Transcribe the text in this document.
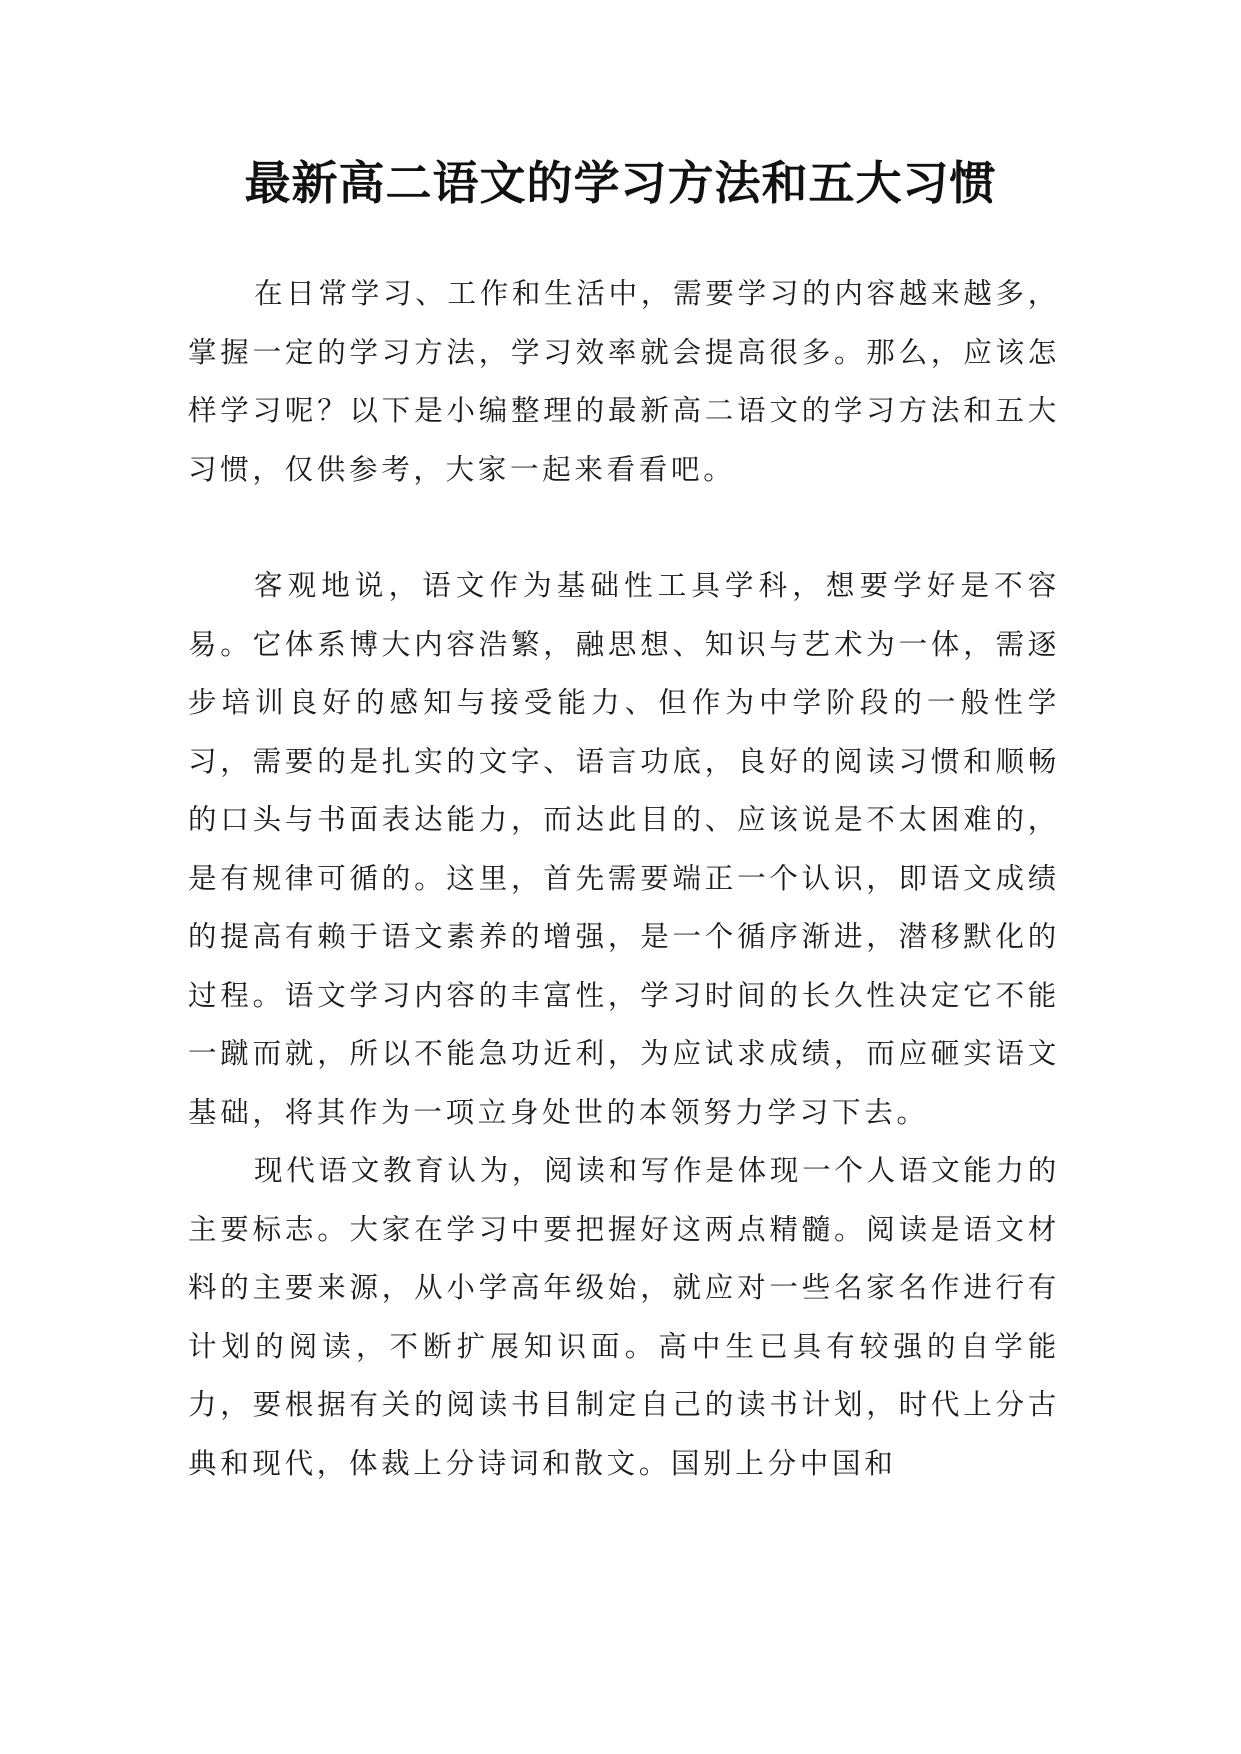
最新高二语文的学习方法和五大习惯

在日常学习、工作和生活中，需要学习的内容越来越多，掌握一定的学习方法，学习效率就会提高很多。那么，应该怎样学习呢？以下是小编整理的最新高二语文的学习方法和五大习惯，仅供参考，大家一起来看看吧。

客观地说，语文作为基础性工具学科，想要学好是不容易。它体系博大内容浩繁，融思想、知识与艺术为一体，需逐步培训良好的感知与接受能力、但作为中学阶段的一般性学习，需要的是扎实的文字、语言功底，良好的阅读习惯和顺畅的口头与书面表达能力，而达此目的、应该说是不太困难的，是有规律可循的。这里，首先需要端正一个认识，即语文成绩的提高有赖于语文素养的增强，是一个循序渐进，潜移默化的过程。语文学习内容的丰富性，学习时间的长久性决定它不能一蹴而就，所以不能急功近利，为应试求成绩，而应砸实语文基础，将其作为一项立身处世的本领努力学习下去。

现代语文教育认为，阅读和写作是体现一个人语文能力的主要标志。大家在学习中要把握好这两点精髓。阅读是语文材料的主要来源，从小学高年级始，就应对一些名家名作进行有计划的阅读，不断扩展知识面。高中生已具有较强的自学能力，要根据有关的阅读书目制定自己的读书计划，时代上分古典和现代，体裁上分诗词和散文。国别上分中国和
